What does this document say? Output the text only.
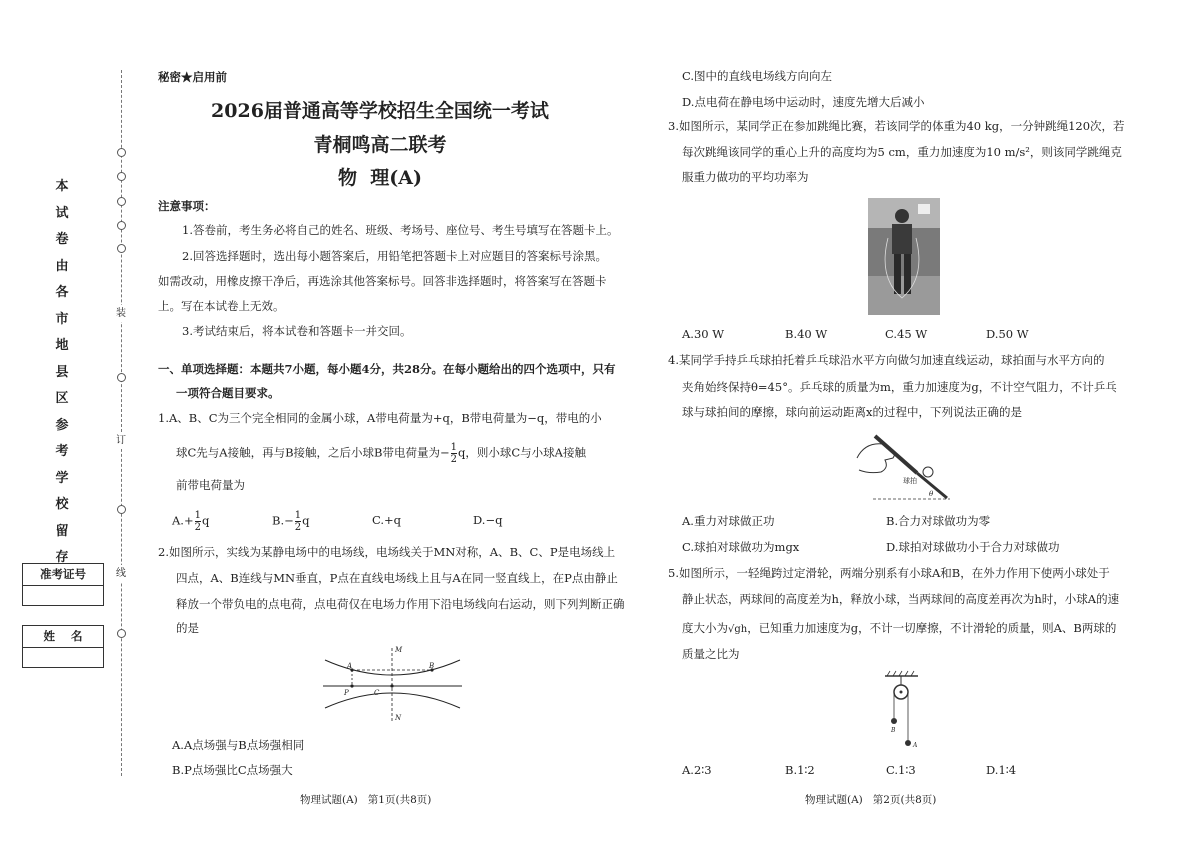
本
试
卷
由
各
市
地
县
区
参
考
学
校
留
存
准考证号
姓    名
装
订
线
秘密★启用前
2026届普通高等学校招生全国统一考试
青桐鸣高二联考
物  理(A)
注意事项：
1.答卷前，考生务必将自己的姓名、班级、考场号、座位号、考生号填写在答题卡上。
2.回答选择题时，选出每小题答案后，用铅笔把答题卡上对应题目的答案标号涂黑。
如需改动，用橡皮擦干净后，再选涂其他答案标号。回答非选择题时，将答案写在答题卡
上。写在本试卷上无效。
3.考试结束后，将本试卷和答题卡一并交回。
一、单项选择题：本题共7小题，每小题4分，共28分。在每小题给出的四个选项中，只有
一项符合题目要求。
1.A、B、C为三个完全相同的金属小球，A带电荷量为+q，B带电荷量为−q，带电的小
球C先与A接触，再与B接触，之后小球B带电荷量为− $\frac{1}{2}$ q，则小球C与小球A接触
前带电荷量为
$A.+ \frac{1}{2}$ q	$B.- \frac{1}{2}$ q	C.+q	D.−q
2.如图所示，实线为某静电场中的电场线，电场线关于MN对称，A、B、C、P是电场线上
四点，A、B连线与MN垂直，P点在直线电场线上且与A在同一竖直线上，在P点由静止
释放一个带负电的点电荷，点电荷仅在电场力作用下沿电场线向右运动，则下列判断正确
的是
M
N
A	B
P	C
A.A点场强与B点场强相同
B.P点场强比C点场强大
物理试题(A)   第1页(共8页)
C.图中的直线电场线方向向左
D.点电荷在静电场中运动时，速度先增大后减小
3.如图所示，某同学正在参加跳绳比赛，若该同学的体重为40 kg，一分钟跳绳120次，若
每次跳绳该同学的重心上升的高度均为5 cm，重力加速度为10 m/s²，则该同学跳绳克
服重力做功的平均功率为
A.30 W	B.40 W	C.45 W	D.50 W
4.某同学手持乒乓球拍托着乒乓球沿水平方向做匀加速直线运动，球拍面与水平方向的
夹角始终保持θ=45°。乒乓球的质量为m，重力加速度为g，不计空气阻力，不计乒乓
球与球拍间的摩擦，球向前运动距离x的过程中，下列说法正确的是
球拍
θ
A.重力对球做正功	B.合力对球做功为零
C.球拍对球做功为mgx	D.球拍对球做功小于合力对球做功
5.如图所示，一轻绳跨过定滑轮，两端分别系有小球A和B，在外力作用下使两小球处于
静止状态，两球间的高度差为h，释放小球，当两球间的高度差再次为h时，小球A的速
度大小为√gh，已知重力加速度为g，不计一切摩擦，不计滑轮的质量，则A、B两球的
质量之比为
B
A
A.2∶3	B.1∶2	C.1∶3	D.1∶4
物理试题(A)   第2页(共8页)
